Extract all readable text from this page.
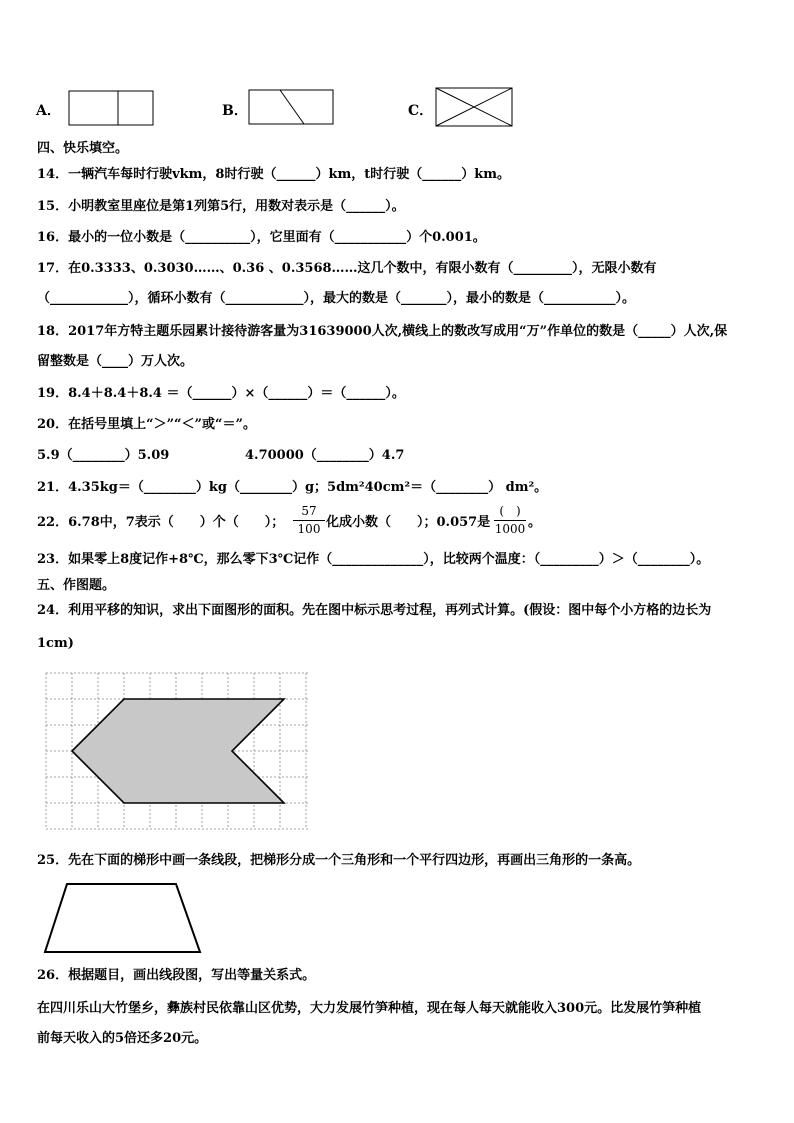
A．	B．	C．
四、快乐填空。
14．一辆汽车每时行驶vkm，8时行驶（______）km，t时行驶（______）km。
15．小明教室里座位是第1列第5行，用数对表示是（______）。
16．最小的一位小数是（__________），它里面有（___________）个0.001。
17．在0.3333、0.3030……、0.36 、0.3568……这几个数中，有限小数有（_________），无限小数有
（____________），循环小数有（____________），最大的数是（_______），最小的数是（___________）。
18．2017年方特主题乐园累计接待游客量为31639000人次,横线上的数改写成用“万”作单位的数是（_____）人次,保
留整数是（____）万人次。
19．8.4＋8.4＋8.4 ＝（______）×（______）＝（______）。
20．在括号里填上“＞”“＜”或“＝”。
5.9（________）5.09	4.70000（________）4.7
21．4.35kg＝（________）kg（________）g；5dm²40cm²＝（________） dm²。
22．6.78中，7表示（　　）个（　　）；
57
100 化成小数（　　）；0.057是
(　)
1000 。
23．如果零上8度记作+8℃，那么零下3℃记作（______________），比较两个温度：（_________）＞（________）。
五、作图题。
24．利用平移的知识，求出下面图形的面积。先在图中标示思考过程，再列式计算。(假设：图中每个小方格的边长为
1cm)
25．先在下面的梯形中画一条线段，把梯形分成一个三角形和一个平行四边形，再画出三角形的一条高。
26．根据题目，画出线段图，写出等量关系式。
在四川乐山大竹堡乡，彝族村民依靠山区优势，大力发展竹笋种植，现在每人每天就能收入300元。比发展竹笋种植
前每天收入的5倍还多20元。
